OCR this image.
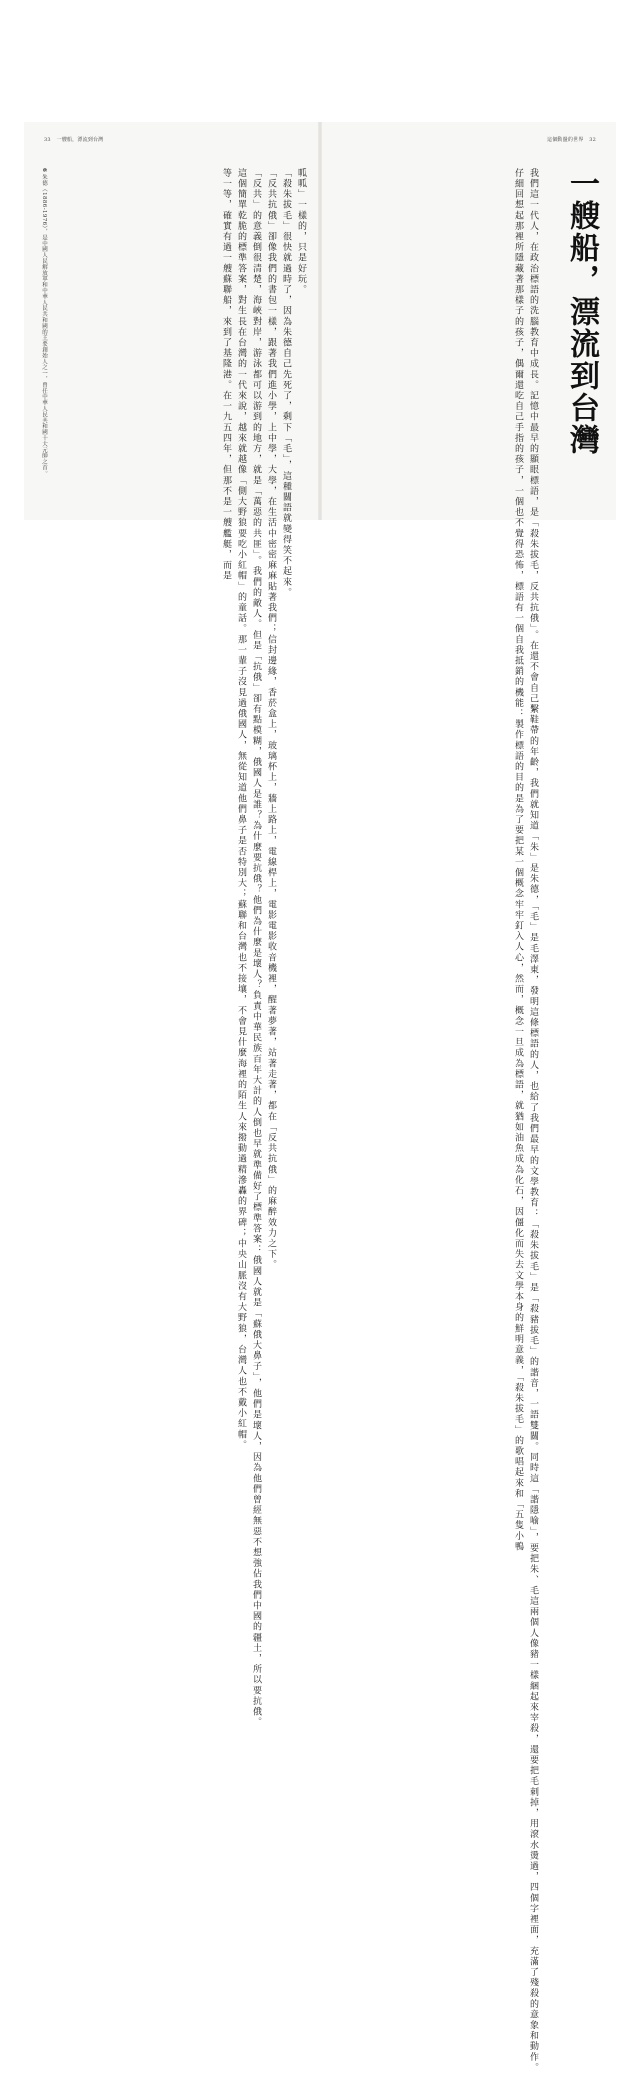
33 一艘船，漂流到台灣
6 朱德（1886-1976），是中國人民解放軍和中華人民共和國的主要創始人之一，曾任中華人民共和國十大元帥之首。	呱呱」一樣的，只是好玩。
「殺朱拔毛」很快就過時了，因為朱德自己先死了，剩下「毛」，這種關語就變得笑不起來。
「反共抗俄」卻像我們的書包一樣，跟著我們進小學，上中學，大學，在生活中密密麻麻貼著我們；信封邊緣，香菸盒上，玻璃杯上，牆上路上，電線桿上，電影電影收音機裡，醒著夢著，站著走著，都在「反共抗俄」的麻醉效力之下。
「反共」的意義倒很清楚，海峽對岸，游泳都可以游到的地方，就是「萬惡的共匪」。我們的敵人。但是「抗俄」卻有點模糊，俄國人是誰？為什麼要抗俄？他們為什麼是壞人？負責中華民族百年大計的人倒也早就準備好了標準答案：俄國人就是「蘇俄大鼻子」，他們是壞人，因為他們曾經無惡不想強佔我們中國的疆土，所以要抗俄。
這個簡單乾脆的標準答案，對生長在台灣的一代來說，越來就越像「側大野狼要吃小紅帽」的童話。那一輩子沒見過俄國人，無從知道他們鼻子是否特別大；蘇聯和台灣也不接壤，不會見什麼海裡的陌生人來撥動過精滲轟的界碑；中央山脈沒有大野狼，台灣人也不戴小紅帽。
等一等，確實有過一艘蘇聯船，來到了基隆港。在一九五四年，但那不是一艘艦艇，而是
這個動盪的世界 32
一艘船，漂流到台灣
我們這一代人，在政治標語的洗腦教育中成長。記憶中最早的顯眼標語，是「殺朱拔毛，反共抗俄」。在還不會自己繫鞋帶的年齡，我們就知道「朱」是朱德，「毛」是毛澤東，發明這條標語的人，也給了我們最早的文學教育：「殺朱拔毛」是「殺豬拔毛」的諧音，一語雙關。同時這「諧隱喻」，要把朱、毛這兩個人像豬一樣綑起來宰殺，還要把毛刺掉，用滾水燙過，四個字裡面，充滿了殘殺的意象和動作。
仔細回想起那裡所隱藏著那樣子的孩子，偶爾還吃自己手指的孩子，一個也不覺得恐怖，標語有一個自我抵銷的機能：製作標語的目的是為了要把某一個概念牢牢釘入人心，然而，概念一旦成為標語，就猶如油魚成為化石，因僵化而失去文學本身的鮮明意義，「殺朱拔毛」的歌唱起來和「五隻小鴨
